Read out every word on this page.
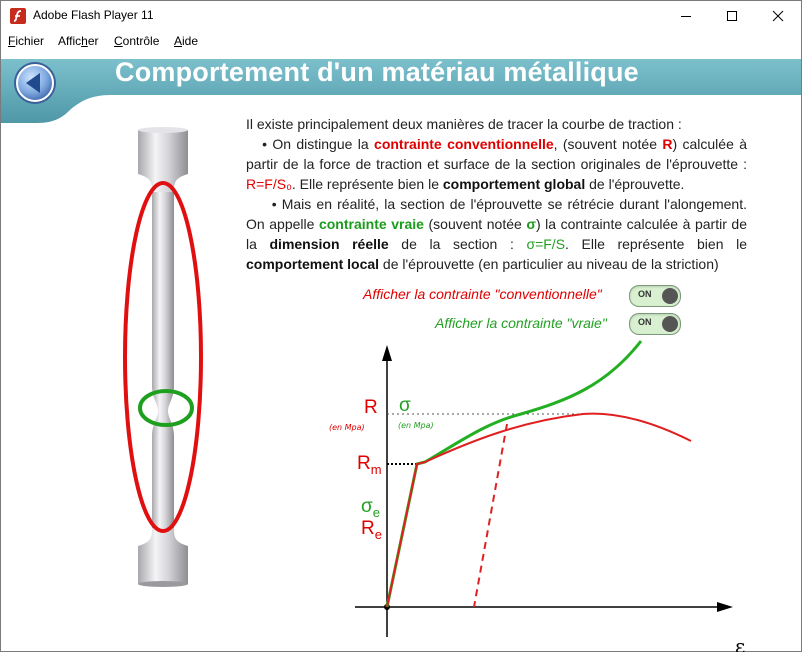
Adobe Flash Player 11
Fichier Afficher Contrôle Aide
Comportement d'un matériau métallique

Il existe principalement deux manières de tracer la courbe de traction :

• On distingue la contrainte conventionnelle, (souvent notée R) calculée à partir de la force de traction et surface de la section originales de l'éprouvette : R=F/S₀. Elle représente bien le comportement global de l'éprouvette.

• Mais en réalité, la section de l'éprouvette se rétrécie durant l'alongement. On appelle contrainte vraie (souvent notée σ) la contrainte calculée à partir de la dimension réelle de la section : σ=F/S. Elle représente bien le comportement local de l'éprouvette (en particulier au niveau de la striction)

Afficher la contrainte "conventionnelle"	ON
Afficher la contrainte "vraie"	ON
R σ
(en Mpa)	(en Mpa)
$R_m$
$\sigma_e$
$R_e$
ε
